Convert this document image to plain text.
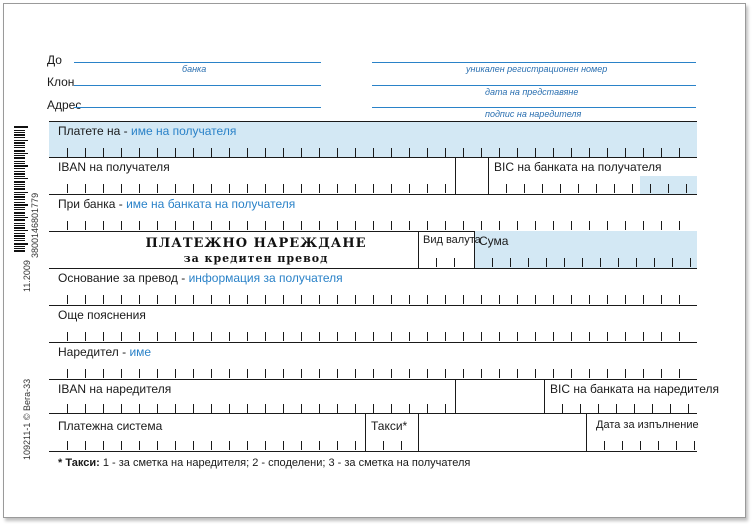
До
Клон
Адрес
банка	уникален регистрационен номер
дата на представяне
подпис на наредителя
3800146801779
11.2009
109211-1 © Вега-33
Платете на - име на получателя
IBAN на получателя	BIC на банката на получателя
При банка - име на банката на получателя
ПЛАТЕЖНО НАРЕЖДАНЕ
за кредитен превод
Вид валута
Сума
Основание за превод - информация за получателя
Още пояснения
Наредител - име
IBAN на наредителя	BIC на банката на наредителя
Платежна система	Такси*	Дата за изпълнение
* Такси: 1 - за сметка на наредителя; 2 - споделени; 3 - за сметка на получателя
